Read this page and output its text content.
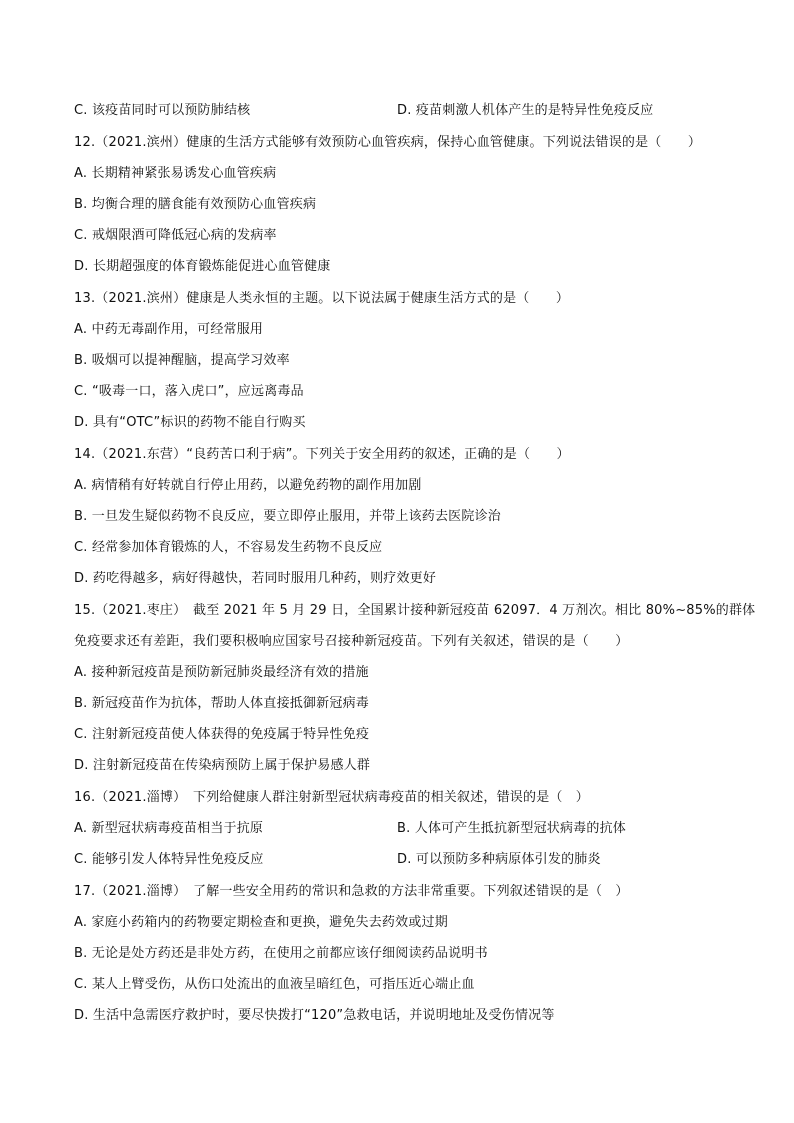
C. 该疫苗同时可以预防肺结核	D. 疫苗刺激人机体产生的是特异性免疫反应
12.（2021.滨州）健康的生活方式能够有效预防心血管疾病，保持心血管健康。下列说法错误的是（　　）
A. 长期精神紧张易诱发心血管疾病
B. 均衡合理的膳食能有效预防心血管疾病
C. 戒烟限酒可降低冠心病的发病率
D. 长期超强度的体育锻炼能促进心血管健康
13.（2021.滨州）健康是人类永恒的主题。以下说法属于健康生活方式的是（　　）
A. 中药无毒副作用，可经常服用
B. 吸烟可以提神醒脑，提高学习效率
C. “吸毒一口，落入虎口”，应远离毒品
D. 具有“OTC”标识的药物不能自行购买
14.（2021.东营）“良药苦口利于病”。下列关于安全用药的叙述，正确的是（　　）
A. 病情稍有好转就自行停止用药，以避免药物的副作用加剧
B. 一旦发生疑似药物不良反应，要立即停止服用，并带上该药去医院诊治
C. 经常参加体育锻炼的人，不容易发生药物不良反应
D. 药吃得越多，病好得越快，若同时服用几种药，则疗效更好
15.（2021.枣庄）　截至 2021 年 5 月 29 日，全国累计接种新冠疫苗 62097．4 万剂次。相比 80%~85%的群体
免疫要求还有差距，我们要积极响应国家号召接种新冠疫苗。下列有关叙述，错误的是（　　）
A. 接种新冠疫苗是预防新冠肺炎最经济有效的措施
B. 新冠疫苗作为抗体，帮助人体直接抵御新冠病毒
C. 注射新冠疫苗使人体获得的免疫属于特异性免疫
D. 注射新冠疫苗在传染病预防上属于保护易感人群
16.（2021.淄博）　下列给健康人群注射新型冠状病毒疫苗的相关叙述，错误的是（　）
A. 新型冠状病毒疫苗相当于抗原	B. 人体可产生抵抗新型冠状病毒的抗体
C. 能够引发人体特异性免疫反应	D. 可以预防多种病原体引发的肺炎
17.（2021.淄博）　了解一些安全用药的常识和急救的方法非常重要。下列叙述错误的是（　）
A. 家庭小药箱内的药物要定期检查和更换，避免失去药效或过期
B. 无论是处方药还是非处方药，在使用之前都应该仔细阅读药品说明书
C. 某人上臂受伤，从伤口处流出的血液呈暗红色，可指压近心端止血
D. 生活中急需医疗救护时，要尽快拨打“120”急救电话，并说明地址及受伤情况等
